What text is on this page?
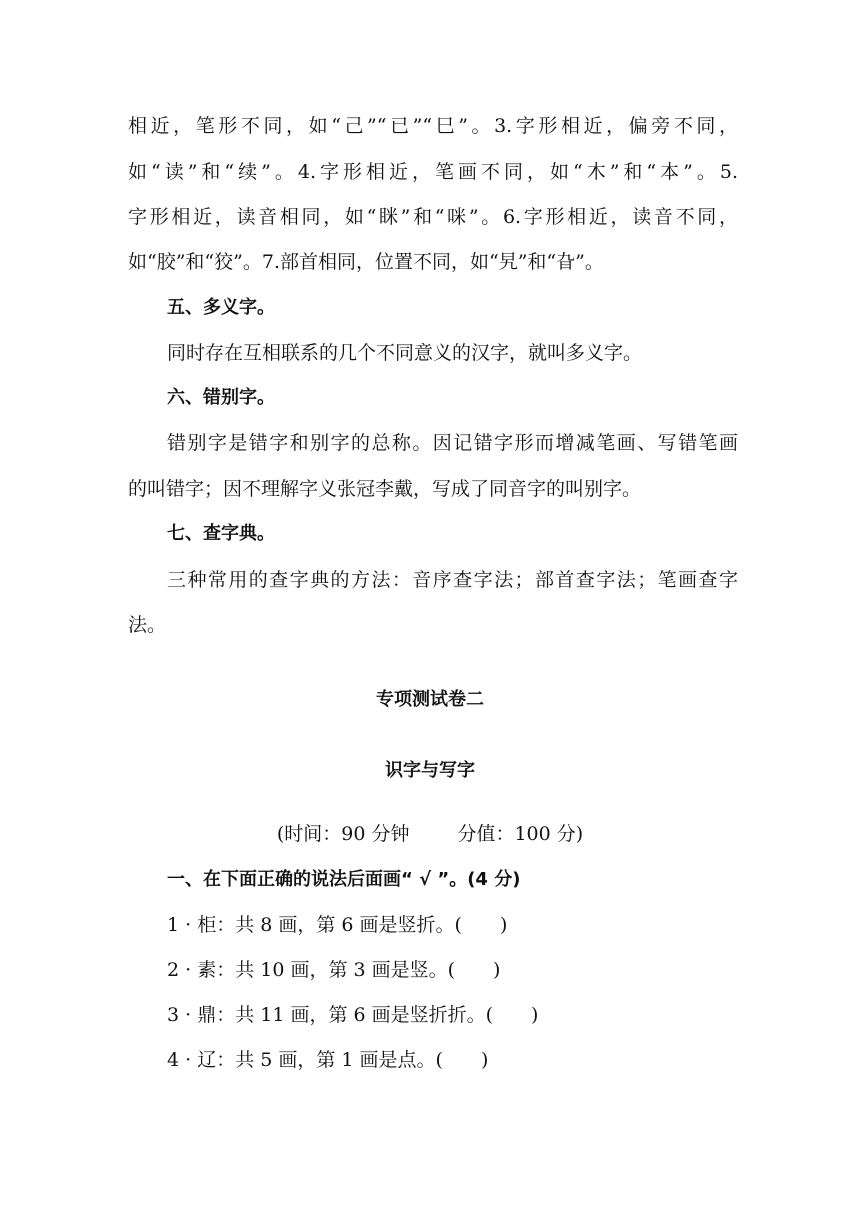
相近，笔形不同，如“己”“已”“巳”。3.字形相近，偏旁不同，
如“读”和“续”。4.字形相近，笔画不同，如“木”和“本”。5.
字形相近，读音相同，如“眯”和“咪”。6.字形相近，读音不同，
如“胶”和“狡”。7.部首相同，位置不同，如“旯”和“旮”。
五、多义字。
同时存在互相联系的几个不同意义的汉字，就叫多义字。
六、错别字。
错别字是错字和别字的总称。因记错字形而增减笔画、写错笔画
的叫错字；因不理解字义张冠李戴，写成了同音字的叫别字。
七、查字典。
三种常用的查字典的方法：音序查字法；部首查字法；笔画查字
法。
专项测试卷二
识字与写字
(时间：90 分钟	分值：100 分)
一、在下面正确的说法后面画“ √ ”。(4 分)
1 · 柜：共 8 画，第 6 画是竖折。(　　)
2 · 素：共 10 画，第 3 画是竖。(　　)
3 · 鼎：共 11 画，第 6 画是竖折折。(　　)
4 · 辽：共 5 画，第 1 画是点。(　　)
